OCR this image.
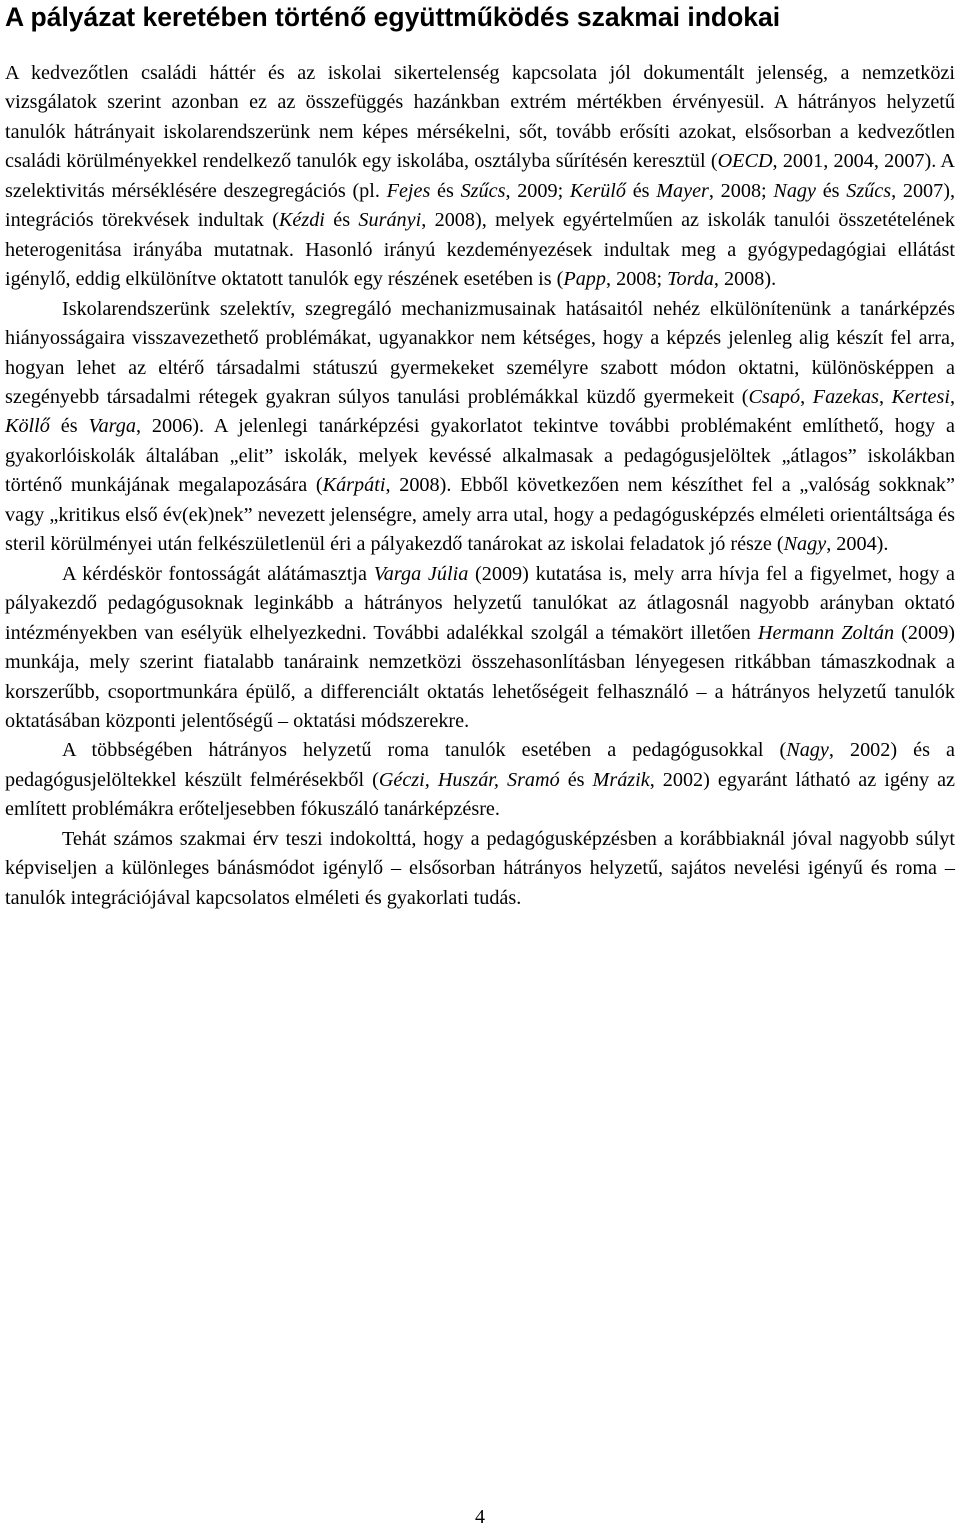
A pályázat keretében történő együttműködés szakmai indokai

A kedvezőtlen családi háttér és az iskolai sikertelenség kapcsolata jól dokumentált jelenség, a nemzetközi vizsgálatok szerint azonban ez az összefüggés hazánkban extrém mértékben érvényesül. A hátrányos helyzetű tanulók hátrányait iskolarendszerünk nem képes mérsékelni, sőt, tovább erősíti azokat, elsősorban a kedvezőtlen családi körülményekkel rendelkező tanulók egy iskolába, osztályba sűrítésén keresztül (OECD, 2001, 2004, 2007). A szelektivitás mérséklésére deszegregációs (pl. Fejes és Szűcs, 2009; Kerülő és Mayer, 2008; Nagy és Szűcs, 2007), integrációs törekvések indultak (Kézdi és Surányi, 2008), melyek egyértelműen az iskolák tanulói összetételének heterogenitása irányába mutatnak. Hasonló irányú kezdeményezések indultak meg a gyógypedagógiai ellátást igénylő, eddig elkülönítve oktatott tanulók egy részének esetében is (Papp, 2008; Torda, 2008).

Iskolarendszerünk szelektív, szegregáló mechanizmusainak hatásaitól nehéz elkülönítenünk a tanárképzés hiányosságaira visszavezethető problémákat, ugyanakkor nem kétséges, hogy a képzés jelenleg alig készít fel arra, hogyan lehet az eltérő társadalmi státuszú gyermekeket személyre szabott módon oktatni, különösképpen a szegényebb társadalmi rétegek gyakran súlyos tanulási problémákkal küzdő gyermekeit (Csapó, Fazekas, Kertesi, Köllő és Varga, 2006). A jelenlegi tanárképzési gyakorlatot tekintve további problémaként említhető, hogy a gyakorlóiskolák általában „elit” iskolák, melyek kevéssé alkalmasak a pedagógusjelöltek „átlagos” iskolákban történő munkájának megalapozására (Kárpáti, 2008). Ebből következően nem készíthet fel a „valóság sokknak” vagy „kritikus első év(ek)nek” nevezett jelenségre, amely arra utal, hogy a pedagógusképzés elméleti orientáltsága és steril körülményei után felkészületlenül éri a pályakezdő tanárokat az iskolai feladatok jó része (Nagy, 2004).

A kérdéskör fontosságát alátámasztja Varga Júlia (2009) kutatása is, mely arra hívja fel a figyelmet, hogy a pályakezdő pedagógusoknak leginkább a hátrányos helyzetű tanulókat az átlagosnál nagyobb arányban oktató intézményekben van esélyük elhelyezkedni. További adalékkal szolgál a témakört illetően Hermann Zoltán (2009) munkája, mely szerint fiatalabb tanáraink nemzetközi összehasonlításban lényegesen ritkábban támaszkodnak a korszerűbb, csoportmunkára épülő, a differenciált oktatás lehetőségeit felhasználó – a hátrányos helyzetű tanulók oktatásában központi jelentőségű – oktatási módszerekre.

A többségében hátrányos helyzetű roma tanulók esetében a pedagógusokkal (Nagy, 2002) és a pedagógusjelöltekkel készült felmérésekből (Géczi, Huszár, Sramó és Mrázik, 2002) egyaránt látható az igény az említett problémákra erőteljesebben fókuszáló tanárképzésre.

Tehát számos szakmai érv teszi indokolttá, hogy a pedagógusképzésben a korábbiaknál jóval nagyobb súlyt képviseljen a különleges bánásmódot igénylő – elsősorban hátrányos helyzetű, sajátos nevelési igényű és roma – tanulók integrációjával kapcsolatos elméleti és gyakorlati tudás.

4
